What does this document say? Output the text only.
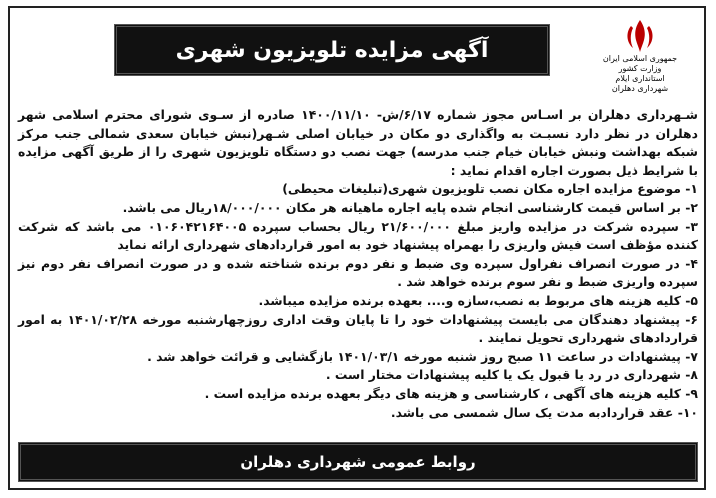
آگهی مزایده تلویزیون شهری	جمهوری اسلامی ایران
وزارت کشور
استانداری ایلام
شهرداری دهلران

شـهرداری دهلران بر اسـاس مجوز شماره ۶/۱۷/ش- ۱۴۰۰/۱۱/۱۰ صادره از سـوی شورای محترم اسلامی شهر دهلران در نظر دارد نسبـت به واگذاری دو مکان در خیابان اصلی شـهر(نبش خیابان سعدی شمالی جنب مرکز شبکه بهداشت ونبش خیابان خیام جنب مدرسه) جهت نصب دو دستگاه تلویزیون شهری را از طریق آگهی مزایده با شرایط ذیل بصورت اجاره اقدام نماید :

۱- موضوع مزایده اجاره مکان نصب تلویزیون شهری(تبلیغات محیطی)

۲- بر اساس قیمت کارشناسی انجام شده پایه اجاره ماهیانه هر مکان ۱۸/۰۰۰/۰۰۰ریال می باشد.

۳- سپرده شرکت در مزایده واریز مبلغ ۲۱/۶۰۰/۰۰۰ ریال بحساب سپرده ۰۱۰۶۰۴۲۱۶۴۰۰۵ می باشد که شرکت کننده مؤظف است فیش واریزی را بهمراه پیشنهاد خود به امور قراردادهای شهرداری ارائه نماید

۴- در صورت انصراف نفراول سپرده وی ضبط و نفر دوم برنده شناخته شده و در صورت انصراف نفر دوم نیز سپرده واریزی ضبط و نفر سوم برنده خواهد شد .

۵- کلیه هزینه های مربوط به نصب،سازه و.... بعهده برنده مزایده میباشد.

۶- پیشنهاد دهندگان می بایست پیشنهادات خود را تا پایان وقت اداری روزچهارشنبه مورخه ۱۴۰۱/۰۲/۲۸ به امور قراردادهای شهرداری تحویل نمایند .

۷- پیشنهادات در ساعت ۱۱ صبح روز شنبه مورخه ۱۴۰۱/۰۳/۱ بازگشایی و قرائت خواهد شد .

۸- شهرداری در رد یا قبول یک یا کلیه پیشنهادات مختار است .

۹- کلیه هزینه های آگهی ، کارشناسی و هزینه های دیگر بعهده برنده مزایده است .

۱۰- عقد قراردادبه مدت یک سال شمسی می باشد.

روابط عمومی شهرداری دهلران
